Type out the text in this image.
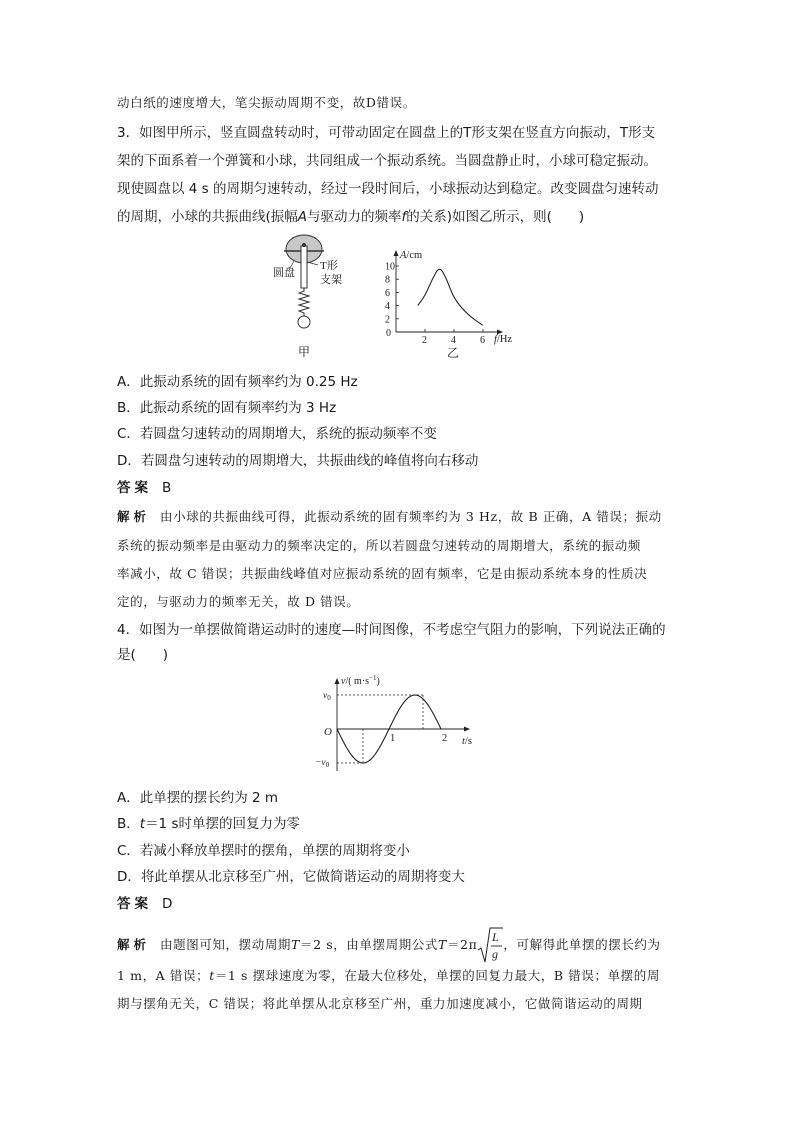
动白纸的速度增大，笔尖振动周期不变，故D错误。
3．如图甲所示，竖直圆盘转动时，可带动固定在圆盘上的T形支架在竖直方向振动，T形支
架的下面系着一个弹簧和小球，共同组成一个振动系统。当圆盘静止时，小球可稳定振动。
现使圆盘以 4 s 的周期匀速转动，经过一段时间后，小球振动达到稳定。改变圆盘匀速转动
的周期，小球的共振曲线(振幅A与驱动力的频率f的关系)如图乙所示，则(　　)
圆盘
T形
支架
甲
A/cm
f/Hz
0
乙
2
4
6
8
10
2 4 6
A．此振动系统的固有频率约为 0.25 Hz
B．此振动系统的固有频率约为 3 Hz
C．若圆盘匀速转动的周期增大，系统的振动频率不变
D．若圆盘匀速转动的周期增大，共振曲线的峰值将向右移动
答案 B
解析 由小球的共振曲线可得，此振动系统的固有频率约为 3 Hz，故 B 正确，A 错误；振动
系统的振动频率是由驱动力的频率决定的，所以若圆盘匀速转动的周期增大，系统的振动频
率减小，故 C 错误；共振曲线峰值对应振动系统的固有频率，它是由振动系统本身的性质决
定的，与驱动力的频率无关，故 D 错误。
4．如图为一单摆做简谐运动时的速度—时间图像，不考虑空气阻力的影响，下列说法正确的
是(　　)
v/( $m\cdot s^{-1}$)
t/s
O
$v_0$
$-v_0$
1	2
A．此单摆的摆长约为 2 m
B．t＝1 s时单摆的回复力为零
C．若减小释放单摆时的摆角，单摆的周期将变小
D．将此单摆从北京移至广州，它做简谐运动的周期将变大
答案 D
解析 由题图可知，摆动周期T＝2 s，由单摆周期公式T＝2π
L
g
，可解得此单摆的摆长约为
1 m，A 错误；t＝1 s 摆球速度为零，在最大位移处，单摆的回复力最大，B 错误；单摆的周
期与摆角无关，C 错误；将此单摆从北京移至广州，重力加速度减小，它做简谐运动的周期
